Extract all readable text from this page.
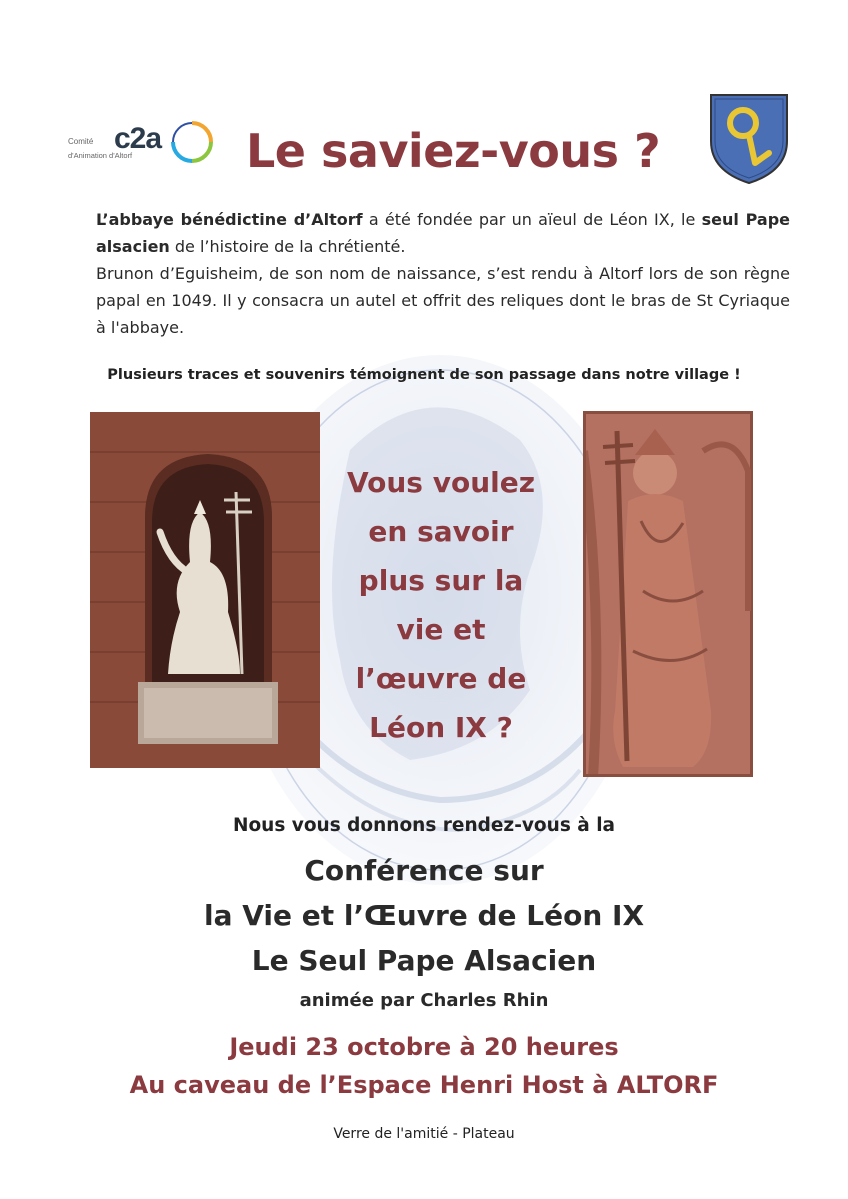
Comité c2a
d'Animation d'Altorf Le saviez-vous ?

L’abbaye bénédictine d’Altorf a été fondée par un aïeul de Léon IX, le seul Pape alsacien de l’histoire de la chrétienté.

Brunon d’Eguisheim, de son nom de naissance, s’est rendu à Altorf lors de son règne papal en 1049. Il y consacra un autel et offrit des reliques dont le bras de St Cyriaque à l'abbaye.

Plusieurs traces et souvenirs témoignent de son passage dans notre village !
Vous voulez
en savoir
plus sur la
vie et
l’œuvre de
Léon IX ?
Nous vous donnons rendez-vous à la
Conférence sur
la Vie et l’Œuvre de Léon IX
Le Seul Pape Alsacien
animée par Charles Rhin
Jeudi 23 octobre à 20 heures
Au caveau de l’Espace Henri Host à ALTORF
Verre de l'amitié - Plateau
